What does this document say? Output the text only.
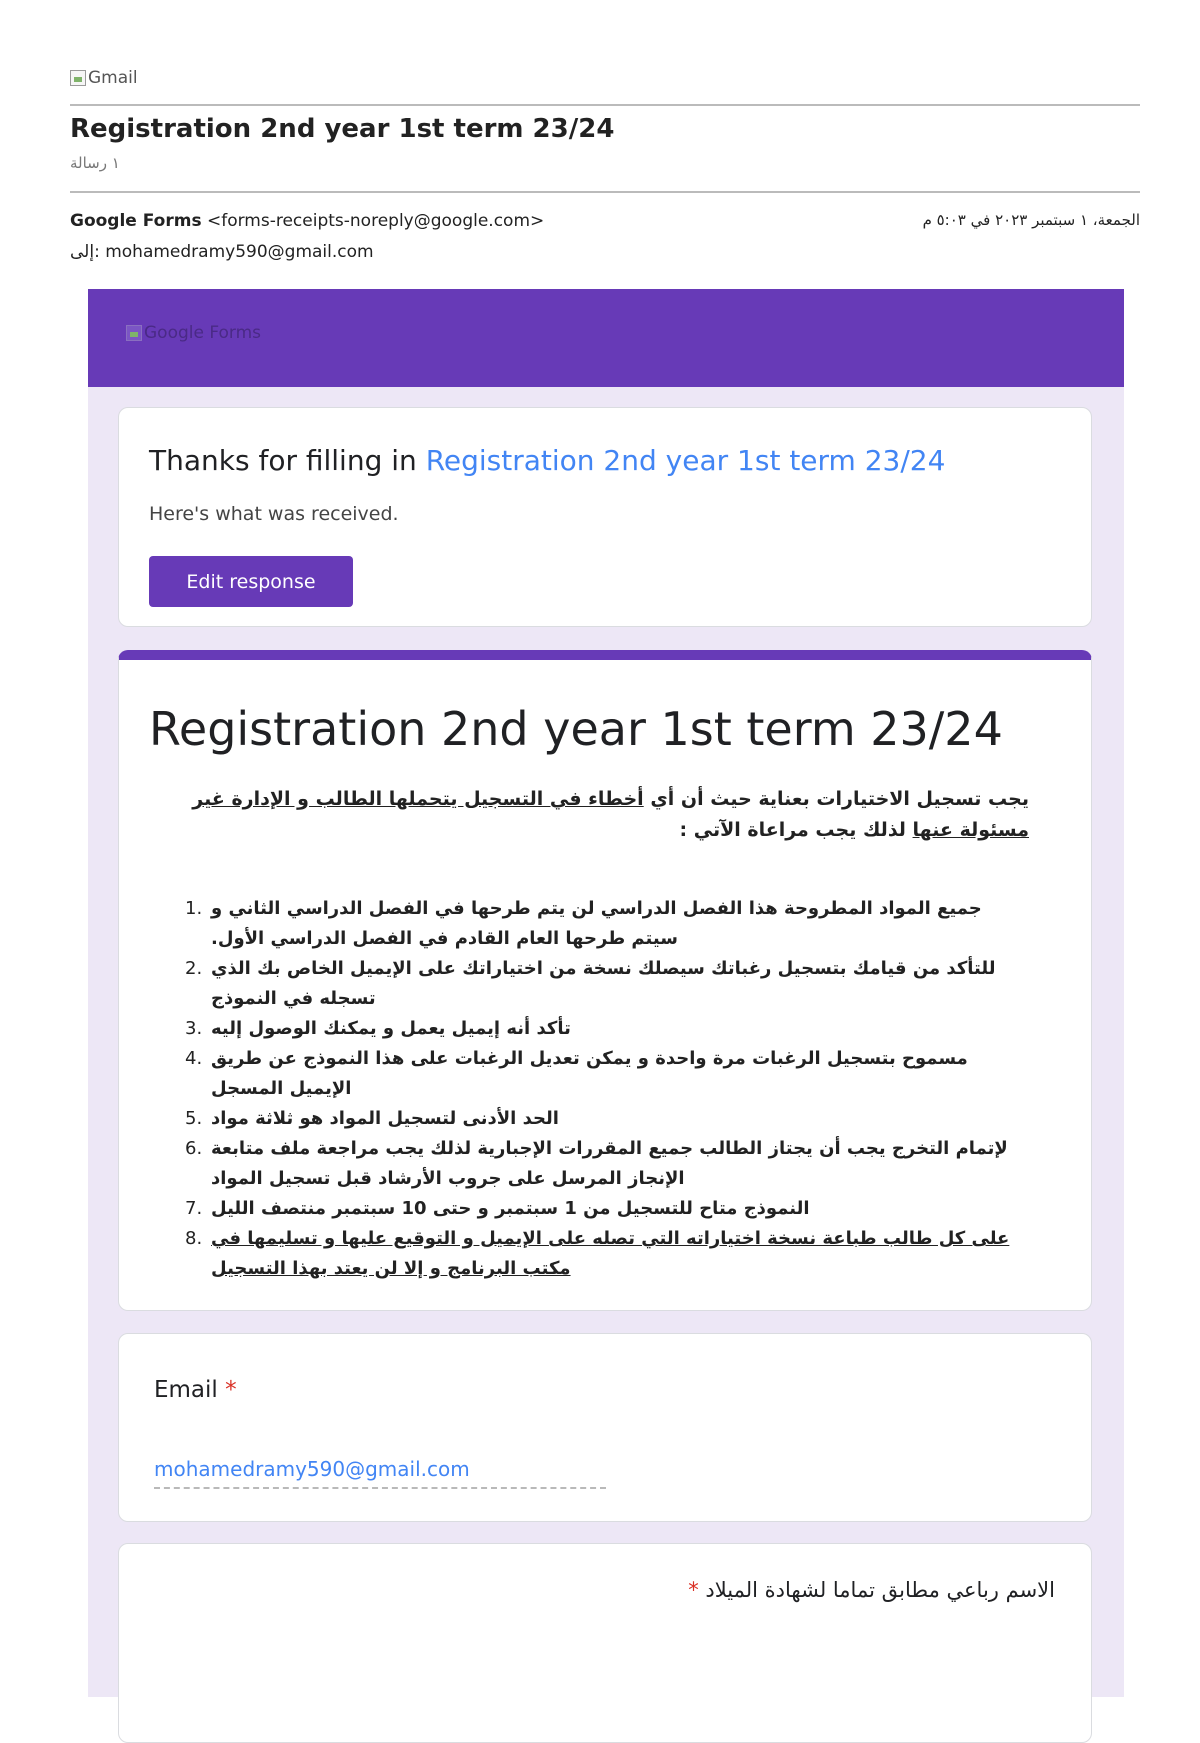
Gmail
Registration 2nd year 1st term 23/24
١ رسالة
Google Forms <forms-receipts-noreply@google.com>	الجمعة، ١ سبتمبر ٢٠٢٣ في ٥:٠٣ م
إلى: mohamedramy590@gmail.com
Google Forms
Thanks for filling in Registration 2nd year 1st term 23/24
Here's what was received.
Edit response
Registration 2nd year 1st term 23/24
يجب تسجيل الاختيارات بعناية حيث أن أي أخطاء في التسجيل يتحملها الطالب و الإدارة غير مسئولة عنها لذلك يجب مراعاة الآتي :
1. جميع المواد المطروحة هذا الفصل الدراسي لن يتم طرحها في الفصل الدراسي الثاني و سيتم طرحها العام القادم في الفصل الدراسي الأول.
2. للتأكد من قيامك بتسجيل رغباتك سيصلك نسخة من اختياراتك على الإيميل الخاص بك الذي تسجله في النموذج
3. تأكد أنه إيميل يعمل و يمكنك الوصول إليه
4. مسموح بتسجيل الرغبات مرة واحدة و يمكن تعديل الرغبات على هذا النموذج عن طريق الإيميل المسجل
5. الحد الأدنى لتسجيل المواد هو ثلاثة مواد
6. لإتمام التخرج يجب أن يجتاز الطالب جميع المقررات الإجبارية لذلك يجب مراجعة ملف متابعة الإنجاز المرسل على جروب الأرشاد قبل تسجيل المواد
7. النموذج متاح للتسجيل من 1 سبتمبر و حتى 10 سبتمبر منتصف الليل
8. على كل طالب طباعة نسخة اختياراته التي تصله على الإيميل و التوقيع عليها و تسليمها في مكتب البرنامج و إلا لن يعتد بهذا التسجيل
Email *
mohamedramy590@gmail.com
الاسم رباعي مطابق تماما لشهادة الميلاد *
